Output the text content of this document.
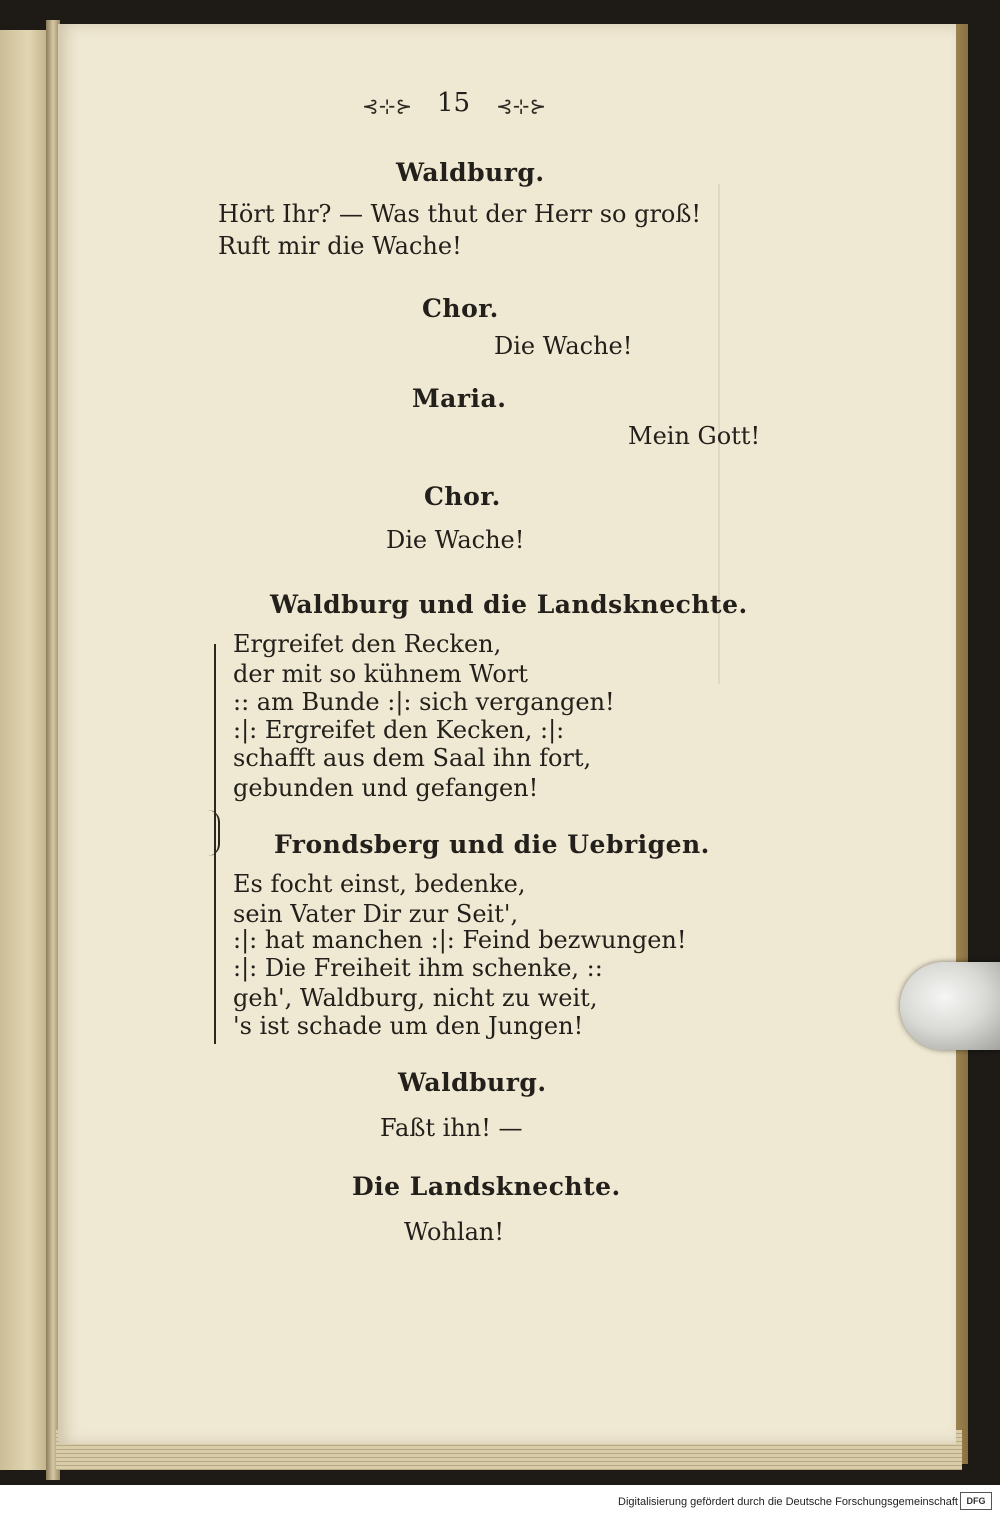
⊰⊹⊱ 15 ⊰⊹⊱
Waldburg.
Hört Ihr? — Was thut der Herr so groß!
Ruft mir die Wache!
Chor.
Die Wache!
Maria.
Mein Gott!
Chor.
Die Wache!
Waldburg und die Landsknechte.
Ergreifet den Recken,
der mit so kühnem Wort
:: am Bunde :|: sich vergangen!
:|: Ergreifet den Kecken, :|:
schafft aus dem Saal ihn fort,
gebunden und gefangen!
Frondsberg und die Uebrigen.
Es focht einst, bedenke,
sein Vater Dir zur Seit',
:|: hat manchen :|: Feind bezwungen!
:|: Die Freiheit ihm schenke, ::
geh', Waldburg, nicht zu weit,
's ist schade um den Jungen!
Waldburg.
Faßt ihn! —
Die Landsknechte.
Wohlan!
Digitalisierung gefördert durch die Deutsche Forschungsgemeinschaft DFG
